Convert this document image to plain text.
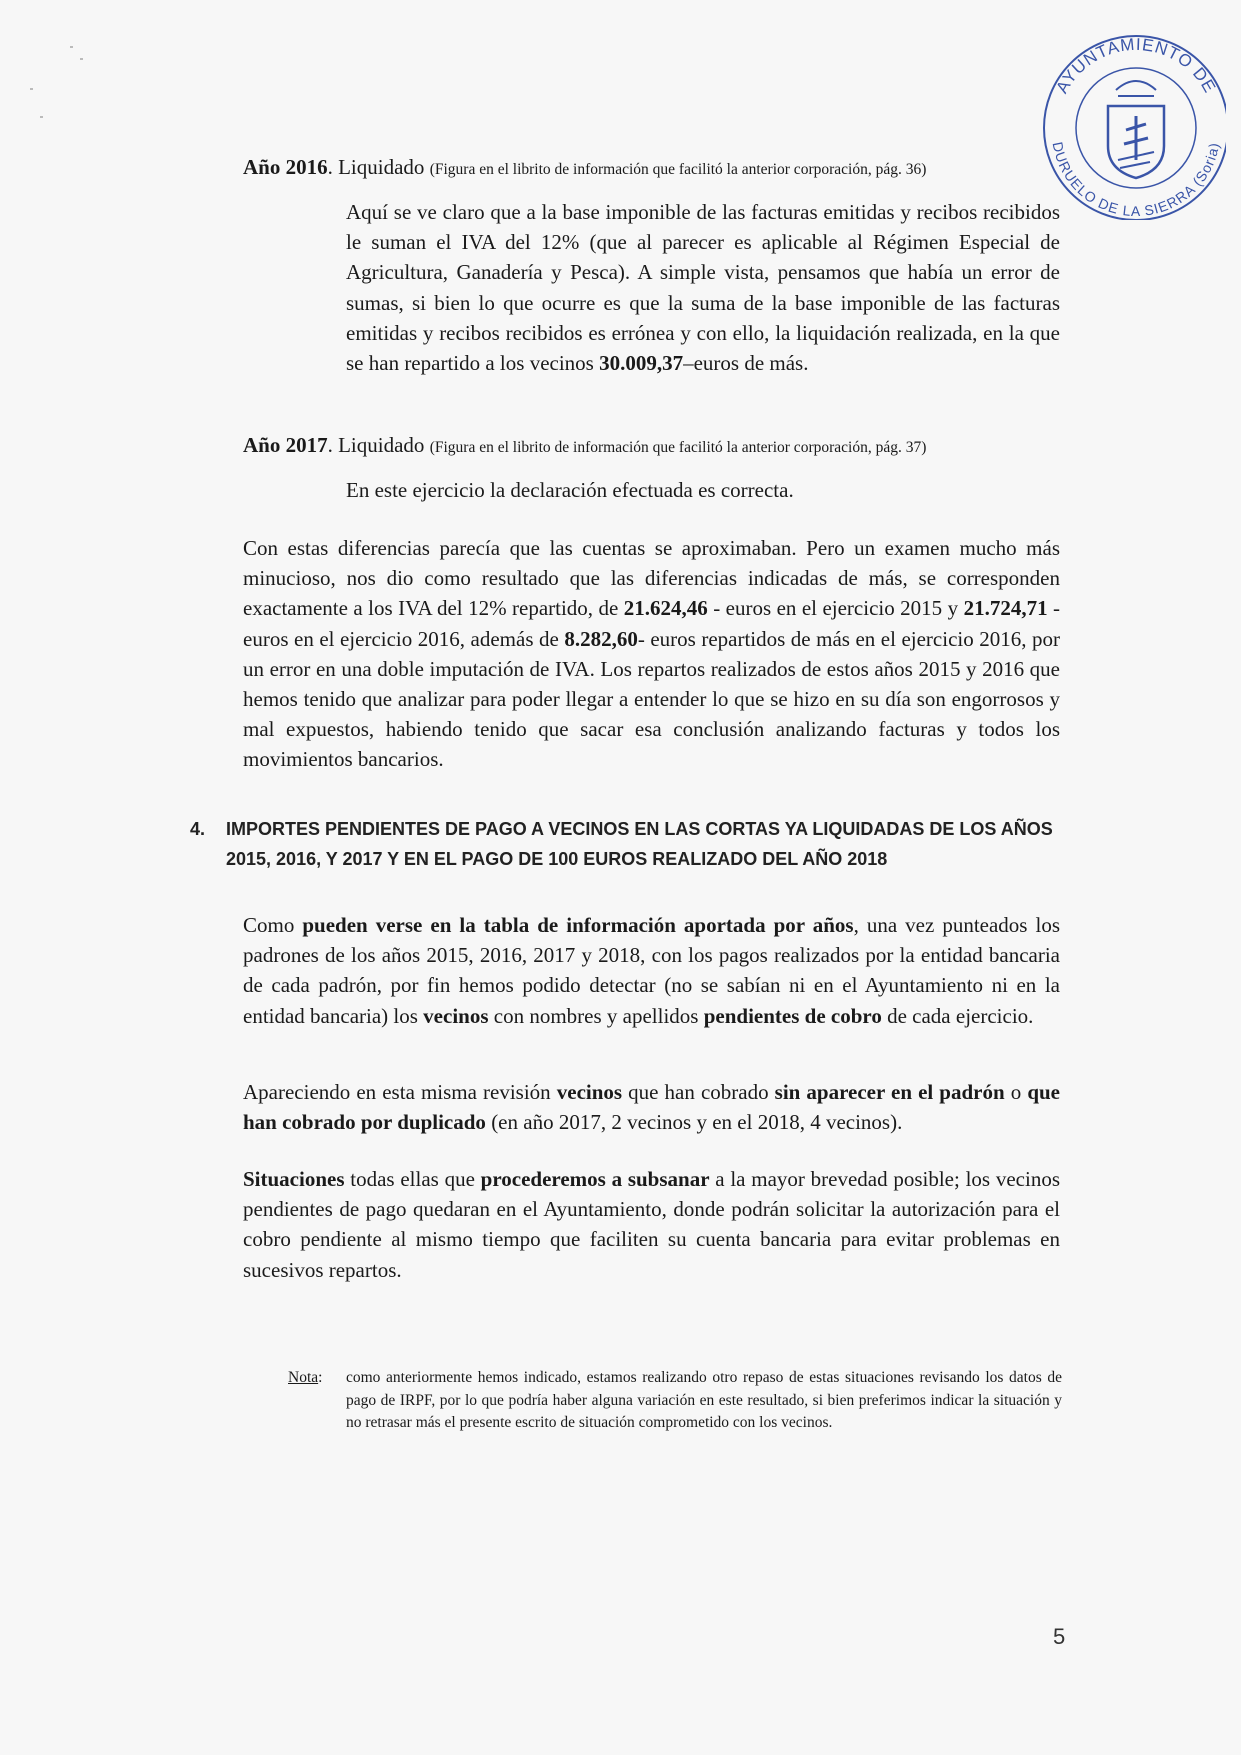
AYUNTAMIENTO DE
DURUELO DE LA SIERRA (Soria)

Año 2016. Liquidado (Figura en el librito de información que facilitó la anterior corporación, pág. 36)

Aquí se ve claro que a la base imponible de las facturas emitidas y recibos recibidos le suman el IVA del 12% (que al parecer es aplicable al Régimen Especial de Agricultura, Ganadería y Pesca). A simple vista, pensamos que había un error de sumas, si bien lo que ocurre es que la suma de la base imponible de las facturas emitidas y recibos recibidos es errónea y con ello, la liquidación realizada, en la que se han repartido a los vecinos 30.009,37–euros de más.

Año 2017. Liquidado (Figura en el librito de información que facilitó la anterior corporación, pág. 37)

En este ejercicio la declaración efectuada es correcta.

Con estas diferencias parecía que las cuentas se aproximaban. Pero un examen mucho más minucioso, nos dio como resultado que las diferencias indicadas de más, se corresponden exactamente a los IVA del 12% repartido, de 21.624,46 - euros en el ejercicio 2015 y 21.724,71 - euros en el ejercicio 2016, además de 8.282,60- euros repartidos de más en el ejercicio 2016, por un error en una doble imputación de IVA. Los repartos realizados de estos años 2015 y 2016 que hemos tenido que analizar para poder llegar a entender lo que se hizo en su día son engorrosos y mal expuestos, habiendo tenido que sacar esa conclusión analizando facturas y todos los movimientos bancarios.

4. IMPORTES PENDIENTES DE PAGO A VECINOS EN LAS CORTAS YA LIQUIDADAS DE LOS AÑOS 2015, 2016, Y 2017 Y EN EL PAGO DE 100 EUROS REALIZADO DEL AÑO 2018

Como pueden verse en la tabla de información aportada por años, una vez punteados los padrones de los años 2015, 2016, 2017 y 2018, con los pagos realizados por la entidad bancaria de cada padrón, por fin hemos podido detectar (no se sabían ni en el Ayuntamiento ni en la entidad bancaria) los vecinos con nombres y apellidos pendientes de cobro de cada ejercicio.

Apareciendo en esta misma revisión vecinos que han cobrado sin aparecer en el padrón o que han cobrado por duplicado (en año 2017, 2 vecinos y en el 2018, 4 vecinos).

Situaciones todas ellas que procederemos a subsanar a la mayor brevedad posible; los vecinos pendientes de pago quedaran en el Ayuntamiento, donde podrán solicitar la autorización para el cobro pendiente al mismo tiempo que faciliten su cuenta bancaria para evitar problemas en sucesivos repartos.

Nota: como anteriormente hemos indicado, estamos realizando otro repaso de estas situaciones revisando los datos de pago de IRPF, por lo que podría haber alguna variación en este resultado, si bien preferimos indicar la situación y no retrasar más el presente escrito de situación comprometido con los vecinos.
5
